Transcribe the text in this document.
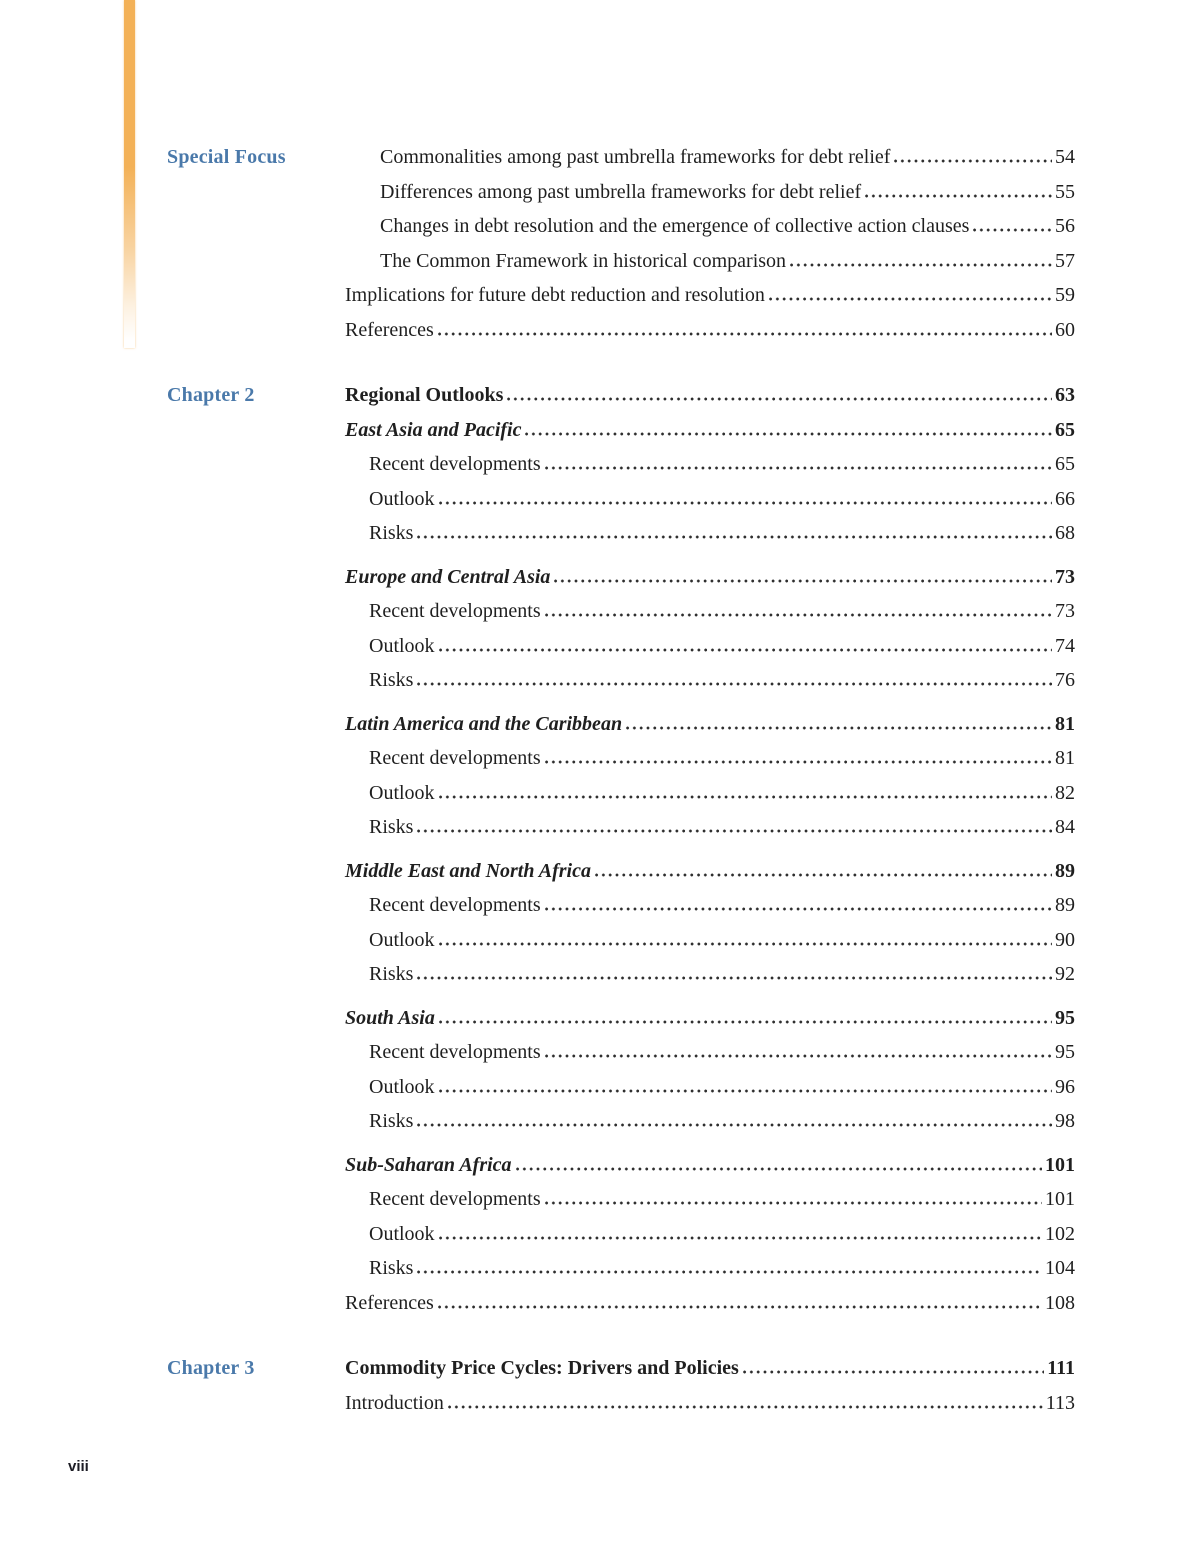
Special Focus	Commonalities among past umbrella frameworks for debt relief	54
Differences among past umbrella frameworks for debt relief	55
Changes in debt resolution and the emergence of collective action clauses	56
The Common Framework in historical comparison	57
Implications for future debt reduction and resolution	59
References	60
Chapter 2	Regional Outlooks	63
East Asia and Pacific	65
Recent developments	65
Outlook	66
Risks	68
Europe and Central Asia	73
Recent developments	73
Outlook	74
Risks	76
Latin America and the Caribbean	81
Recent developments	81
Outlook	82
Risks	84
Middle East and North Africa	89
Recent developments	89
Outlook	90
Risks	92
South Asia	95
Recent developments	95
Outlook	96
Risks	98
Sub-Saharan Africa	101
Recent developments	101
Outlook	102
Risks	104
References	108
Chapter 3	Commodity Price Cycles: Drivers and Policies	111
Introduction	113
viii
